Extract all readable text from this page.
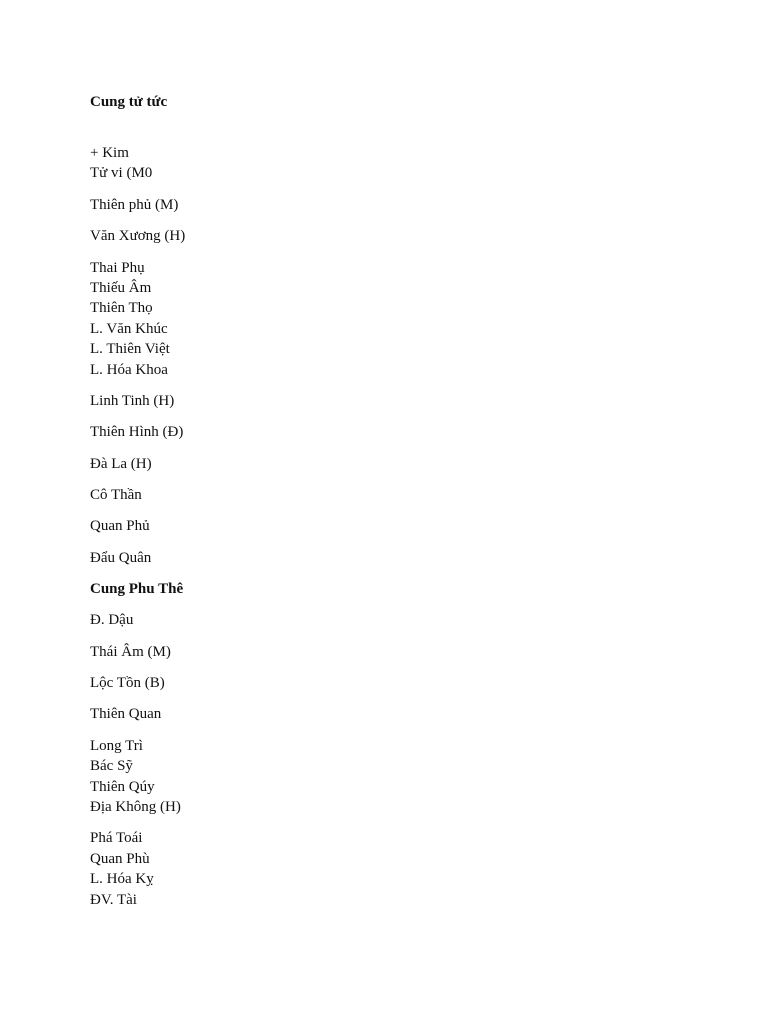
Cung tử tức
+ Kim
Tử vi (M0
Thiên phủ (M)
Văn Xương (H)
Thai Phụ
Thiếu Âm
Thiên Thọ
L. Văn Khúc
L. Thiên Việt
L. Hóa Khoa
Linh Tinh (H)
Thiên Hình (Đ)
Đà La (H)
Cô Thần
Quan Phủ
Đẩu Quân
Cung Phu Thê
Đ. Dậu
Thái Âm (M)
Lộc Tồn (B)
Thiên Quan
Long Trì
Bác Sỹ
Thiên Qúy
Địa Không (H)
Phá Toái
Quan Phù
L. Hóa Kỵ
ĐV. Tài
